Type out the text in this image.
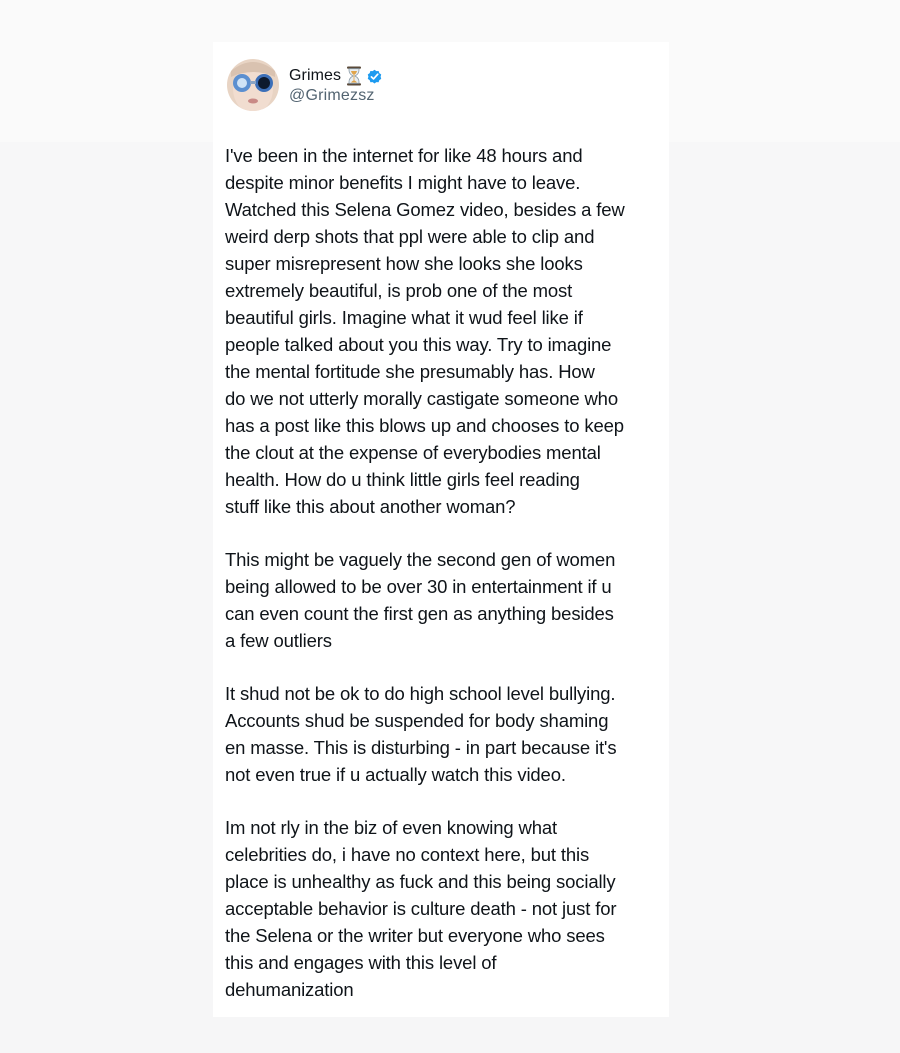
Grimes
@Grimezsz

I've been in the internet for like 48 hours and
despite minor benefits I might have to leave.
Watched this Selena Gomez video, besides a few
weird derp shots that ppl were able to clip and
super misrepresent how she looks she looks
extremely beautiful, is prob one of the most
beautiful girls. Imagine what it wud feel like if
people talked about you this way. Try to imagine
the mental fortitude she presumably has. How
do we not utterly morally castigate someone who
has a post like this blows up and chooses to keep
the clout at the expense of everybodies mental
health. How do u think little girls feel reading
stuff like this about another woman?

This might be vaguely the second gen of women
being allowed to be over 30 in entertainment if u
can even count the first gen as anything besides
a few outliers

It shud not be ok to do high school level bullying.
Accounts shud be suspended for body shaming
en masse. This is disturbing - in part because it's
not even true if u actually watch this video.

Im not rly in the biz of even knowing what
celebrities do, i have no context here, but this
place is unhealthy as fuck and this being socially
acceptable behavior is culture death - not just for
the Selena or the writer but everyone who sees
this and engages with this level of
dehumanization
